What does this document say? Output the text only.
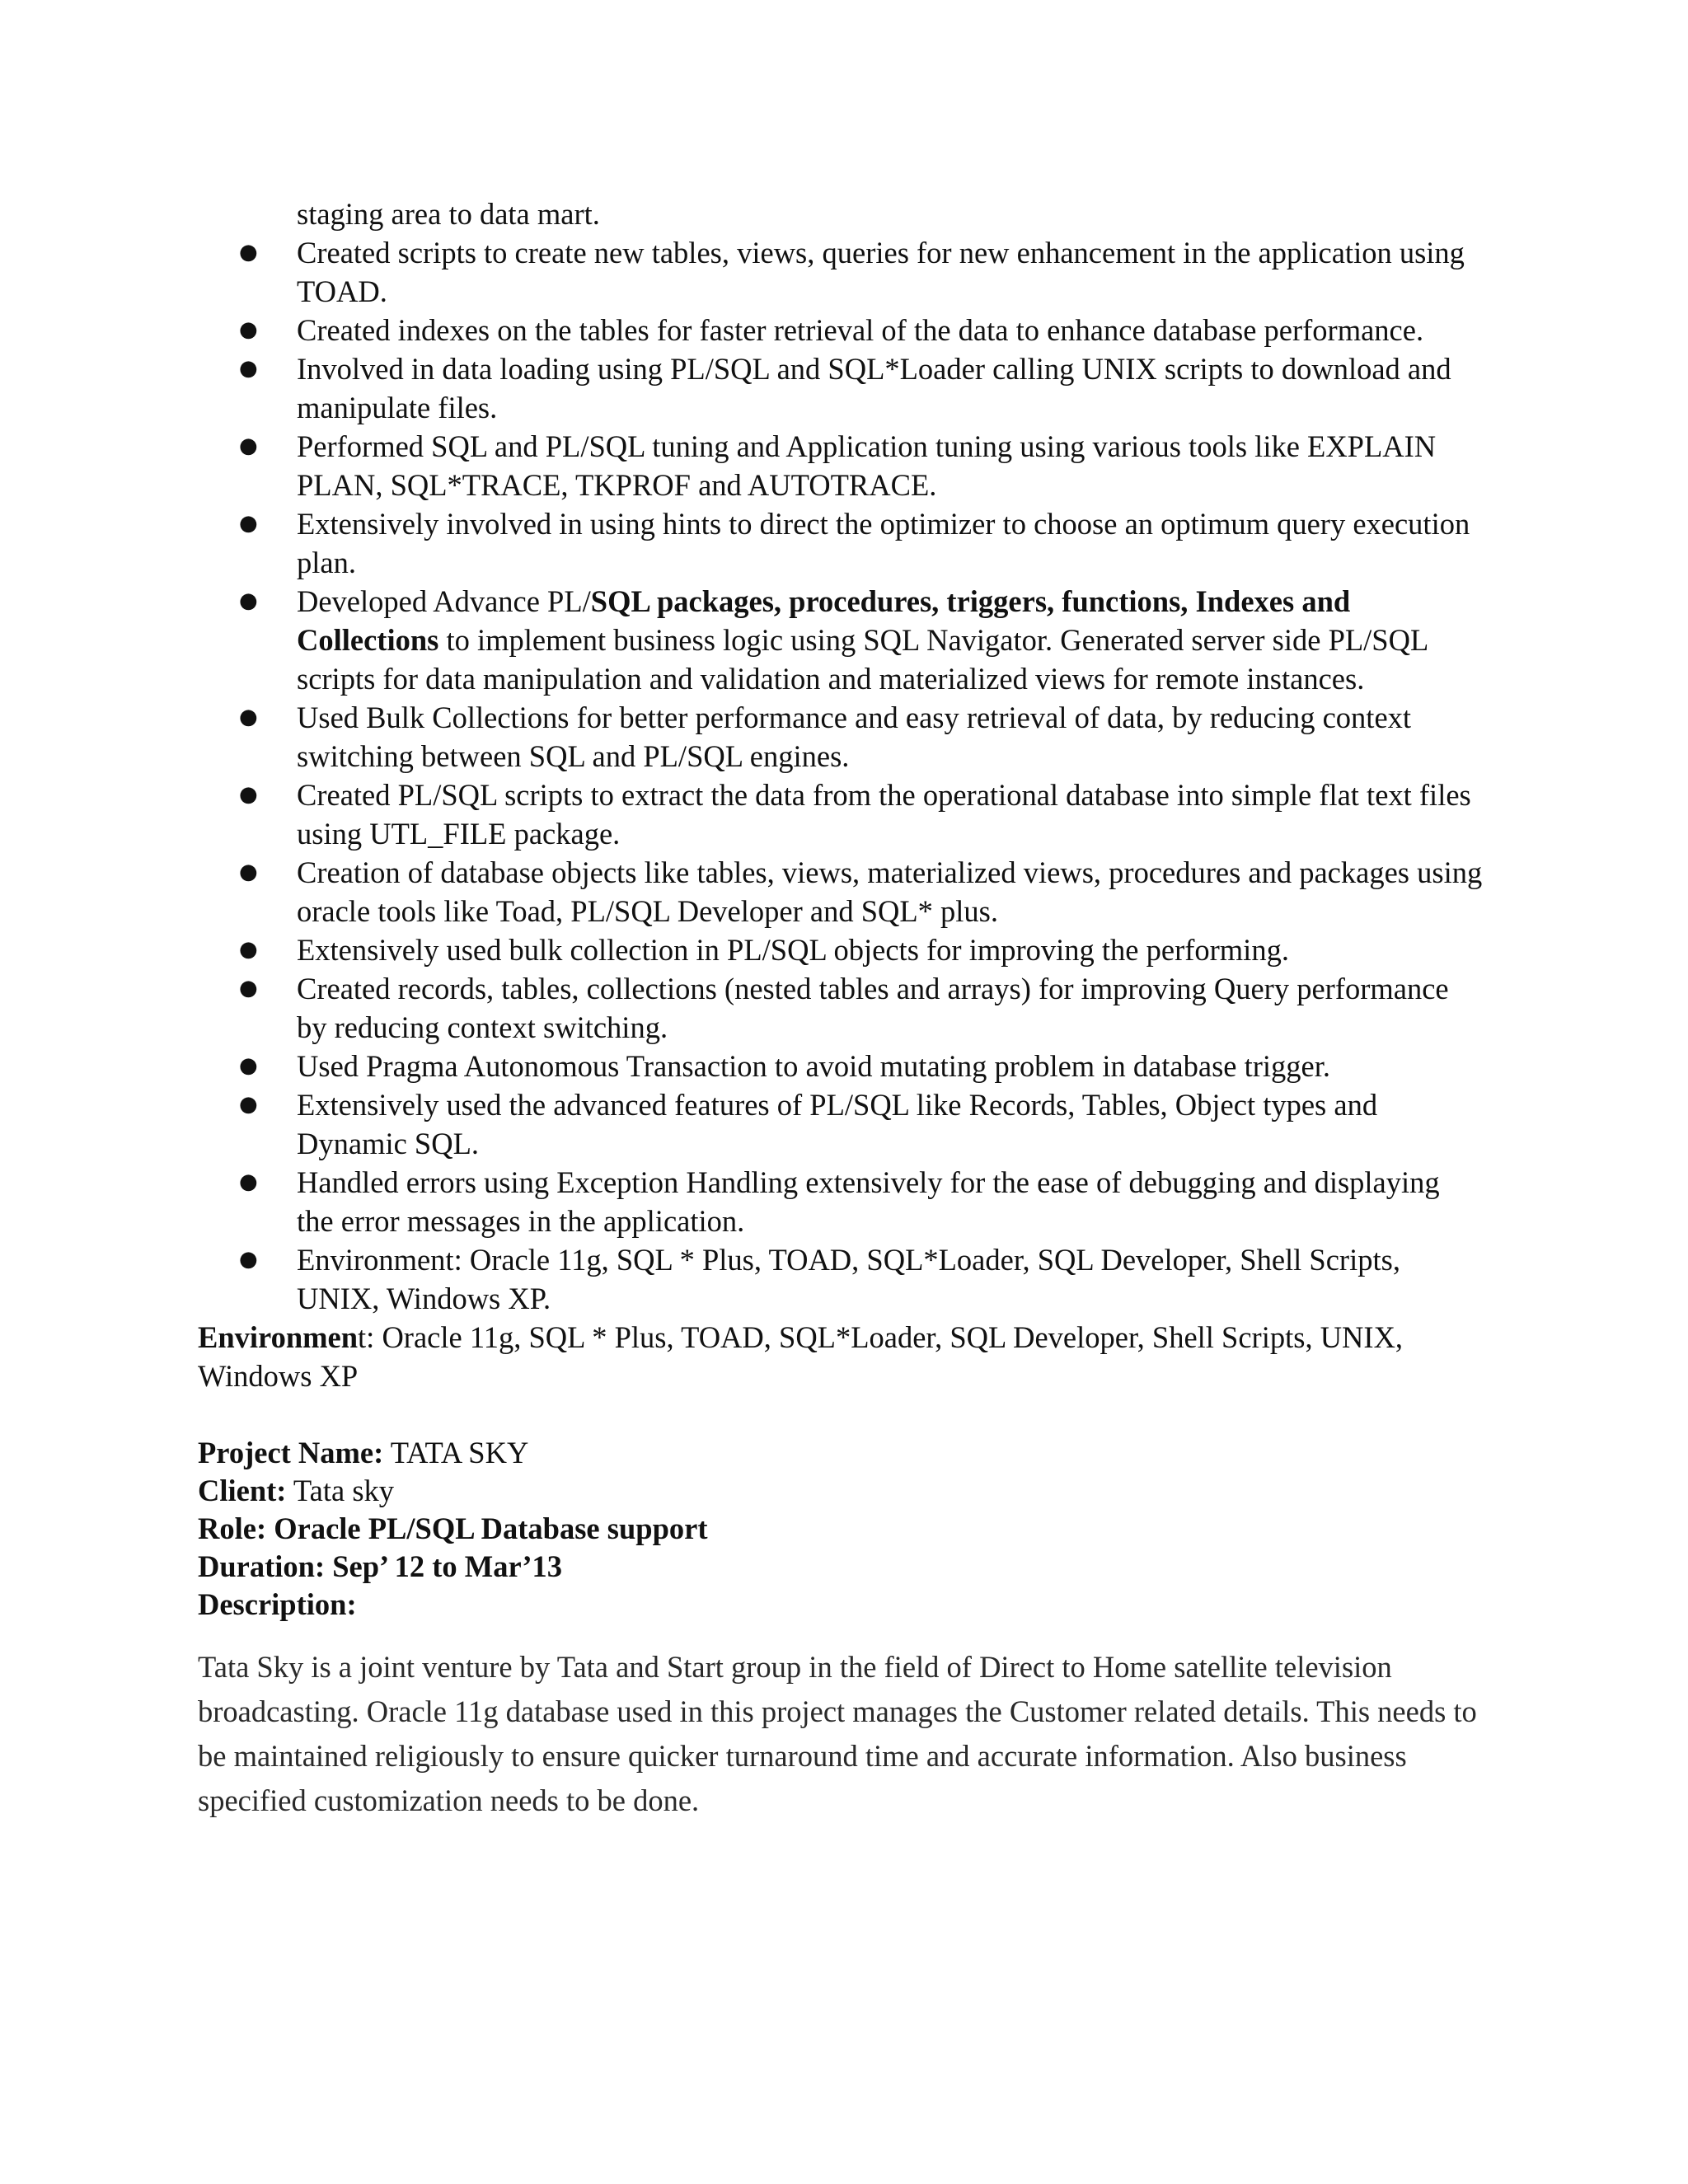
staging area to data mart.
● Created scripts to create new tables, views, queries for new enhancement in the application using TOAD.
● Created indexes on the tables for faster retrieval of the data to enhance database performance.
● Involved in data loading using PL/SQL and SQL*Loader calling UNIX scripts to download and manipulate files.
● Performed SQL and PL/SQL tuning and Application tuning using various tools like EXPLAIN PLAN, SQL*TRACE, TKPROF and AUTOTRACE.
● Extensively involved in using hints to direct the optimizer to choose an optimum query execution plan.
● Developed Advance PL/SQL packages, procedures, triggers, functions, Indexes and Collections to implement business logic using SQL Navigator. Generated server side PL/SQL scripts for data manipulation and validation and materialized views for remote instances.
● Used Bulk Collections for better performance and easy retrieval of data, by reducing context switching between SQL and PL/SQL engines.
● Created PL/SQL scripts to extract the data from the operational database into simple flat text files using UTL_FILE package.
● Creation of database objects like tables, views, materialized views, procedures and packages using oracle tools like Toad, PL/SQL Developer and SQL* plus.
● Extensively used bulk collection in PL/SQL objects for improving the performing.
● Created records, tables, collections (nested tables and arrays) for improving Query performance by reducing context switching.
● Used Pragma Autonomous Transaction to avoid mutating problem in database trigger.
● Extensively used the advanced features of PL/SQL like Records, Tables, Object types and Dynamic SQL.
● Handled errors using Exception Handling extensively for the ease of debugging and displaying the error messages in the application.
● Environment: Oracle 11g, SQL * Plus, TOAD, SQL*Loader, SQL Developer, Shell Scripts, UNIX, Windows XP.
Environment: Oracle 11g, SQL * Plus, TOAD, SQL*Loader, SQL Developer, Shell Scripts, UNIX, Windows XP
Project Name: TATA SKY
Client: Tata sky
Role: Oracle PL/SQL Database support
Duration: Sep’ 12 to Mar’13
Description:
Tata Sky is a joint venture by Tata and Start group in the field of Direct to Home satellite television broadcasting. Oracle 11g database used in this project manages the Customer related details. This needs to be maintained religiously to ensure quicker turnaround time and accurate information. Also business specified customization needs to be done.
